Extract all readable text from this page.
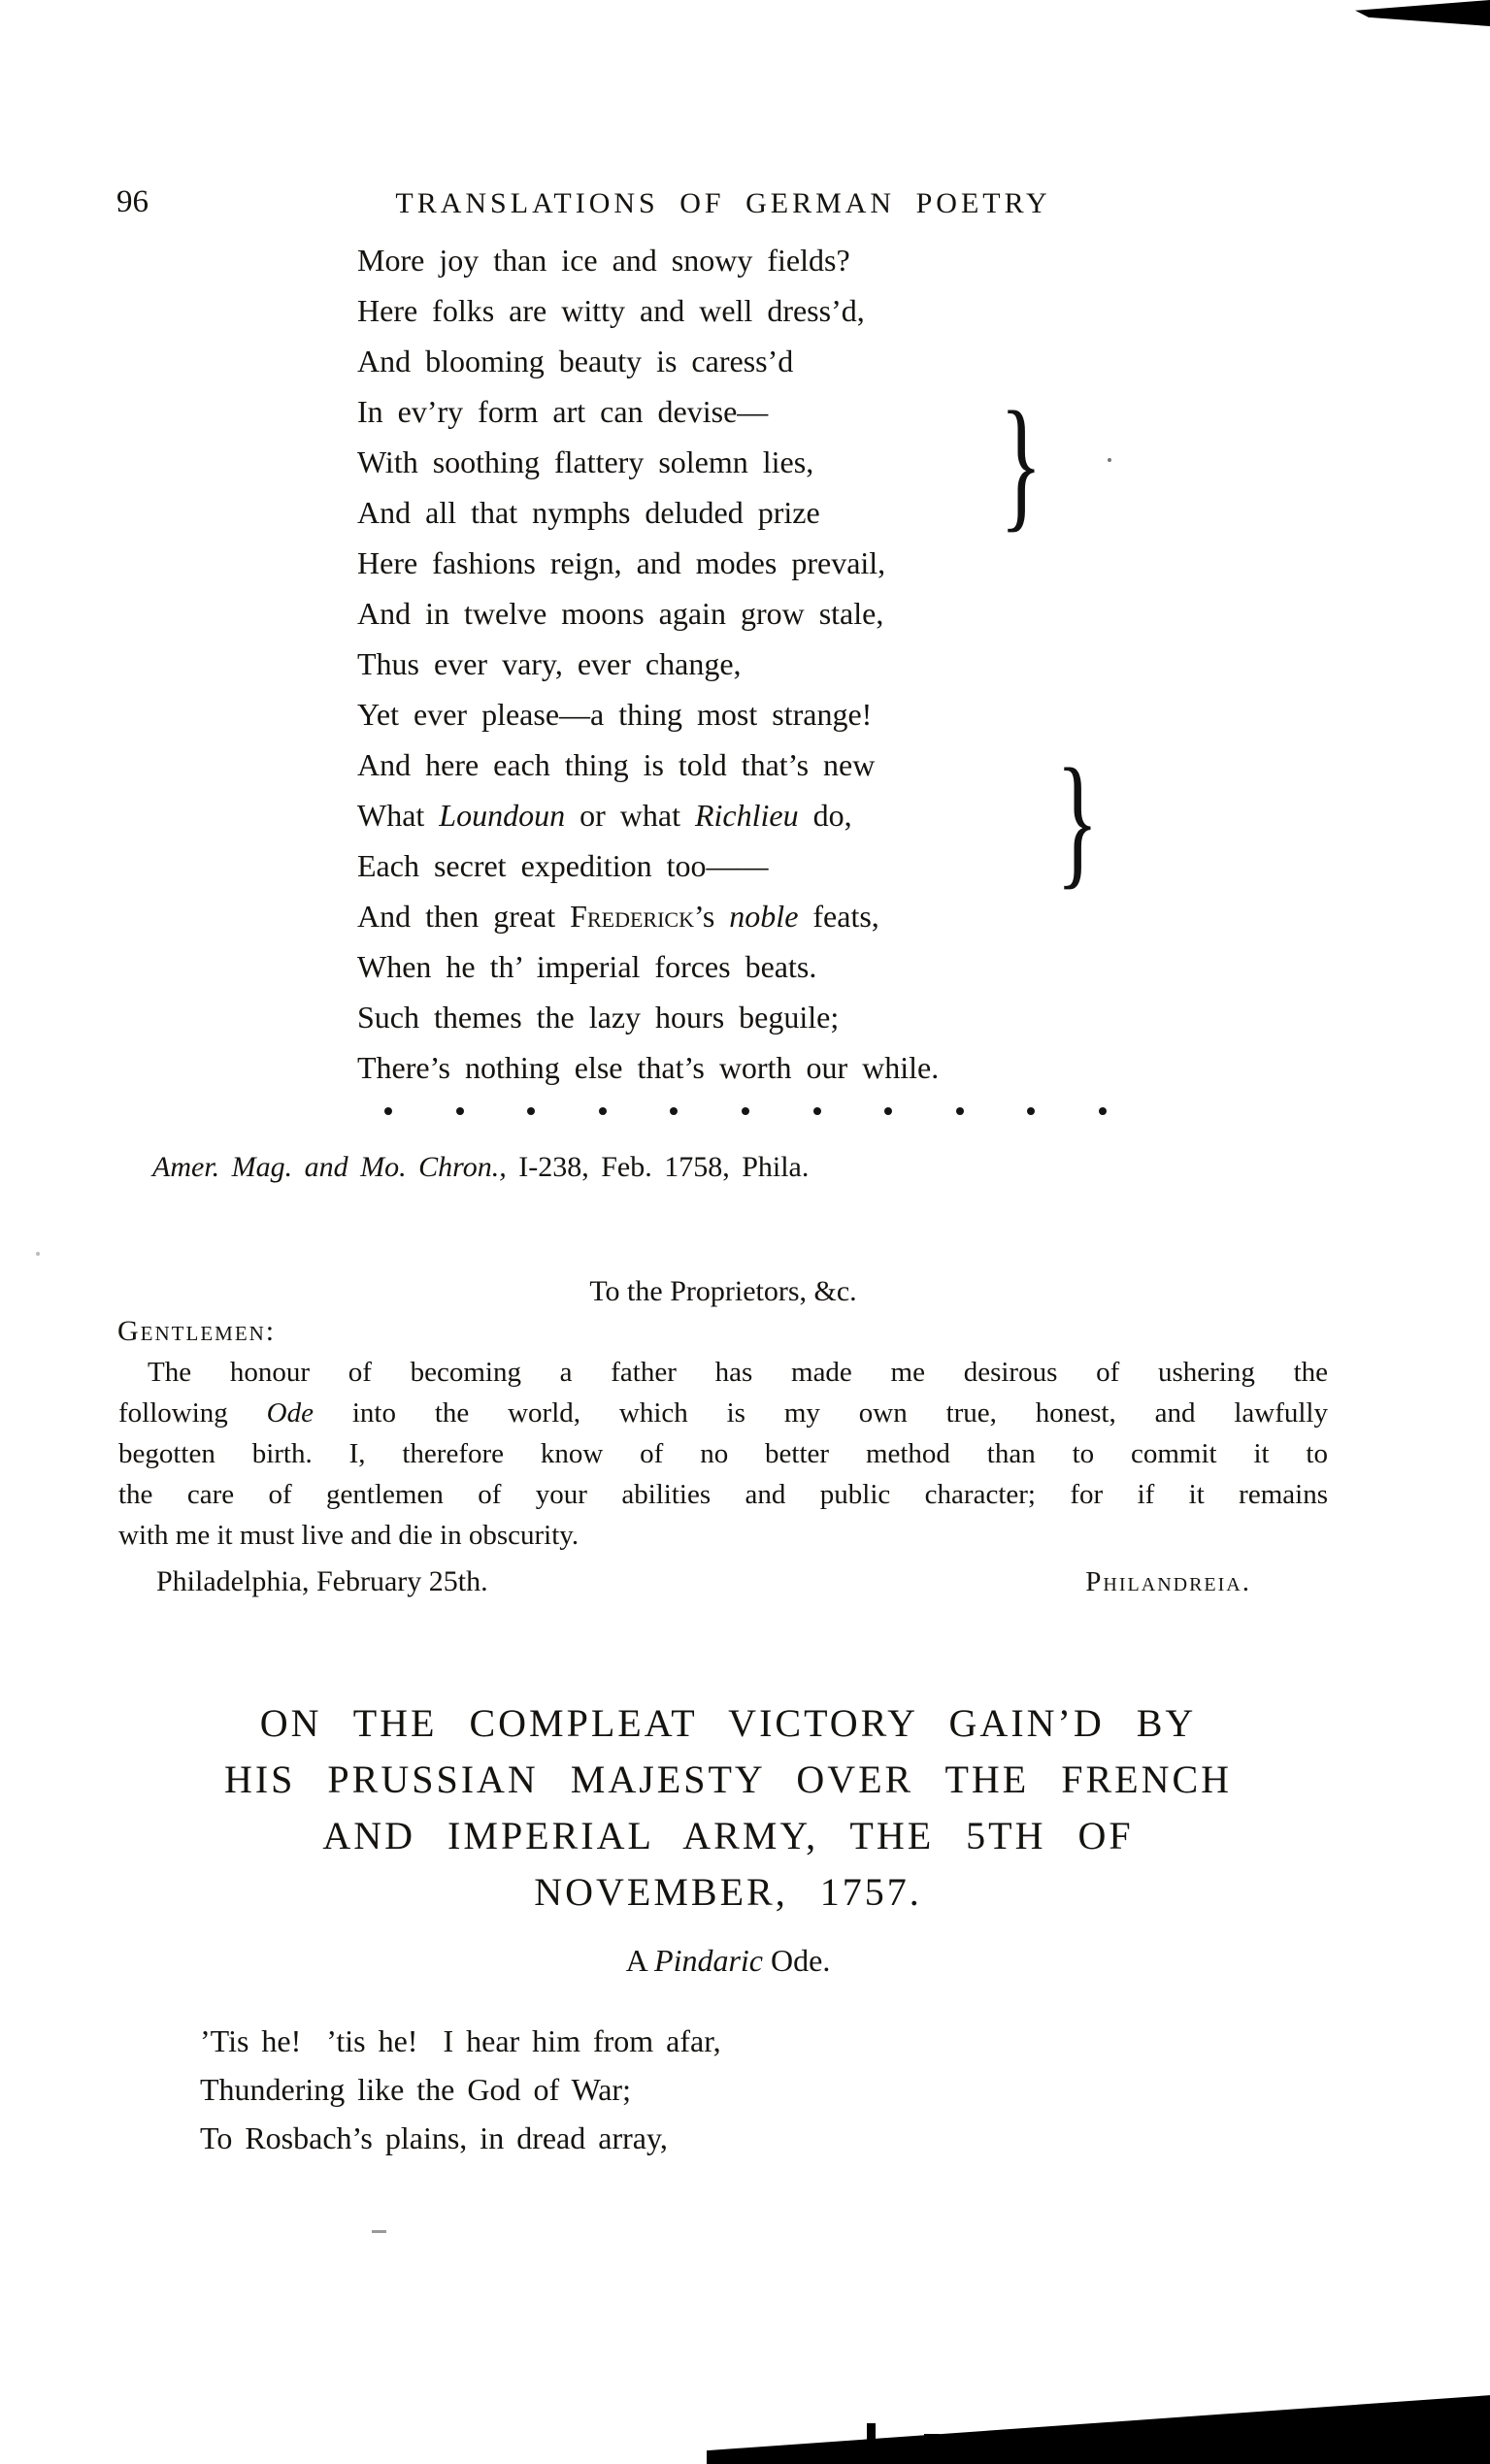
96	TRANSLATIONS OF GERMAN POETRY
More joy than ice and snowy fields?
Here folks are witty and well dress’d,
And blooming beauty is caress’d
In ev’ry form art can devise—
With soothing flattery solemn lies,
And all that nymphs deluded prize
Here fashions reign, and modes prevail,
And in twelve moons again grow stale,
Thus ever vary, ever change,
Yet ever please—a thing most strange!
And here each thing is told that’s new
What Loundoun or what Richlieu do,
Each secret expedition too——
And then great Frederick’s noble feats,
When he th’ imperial forces beats.
Such themes the lazy hours beguile;
There’s nothing else that’s worth our while.
}
}
Amer. Mag. and Mo. Chron., I-238, Feb. 1758, Phila.
To the Proprietors, &c.
Gentlemen:
The honour of becoming a father has made me desirous of ushering the
following Ode into the world, which is my own true, honest, and lawfully
begotten birth. I, therefore know of no better method than to commit it to
the care of gentlemen of your abilities and public character; for if it remains
with me it must live and die in obscurity.
Philadelphia, February 25th.	Philandreia.
ON THE COMPLEAT VICTORY GAIN’D BY
HIS PRUSSIAN MAJESTY OVER THE FRENCH
AND IMPERIAL ARMY, THE 5TH OF
NOVEMBER, 1757.
A Pindaric Ode.
’Tis he!  ’tis he!  I hear him from afar,
Thundering like the God of War;
To Rosbach’s plains, in dread array,
